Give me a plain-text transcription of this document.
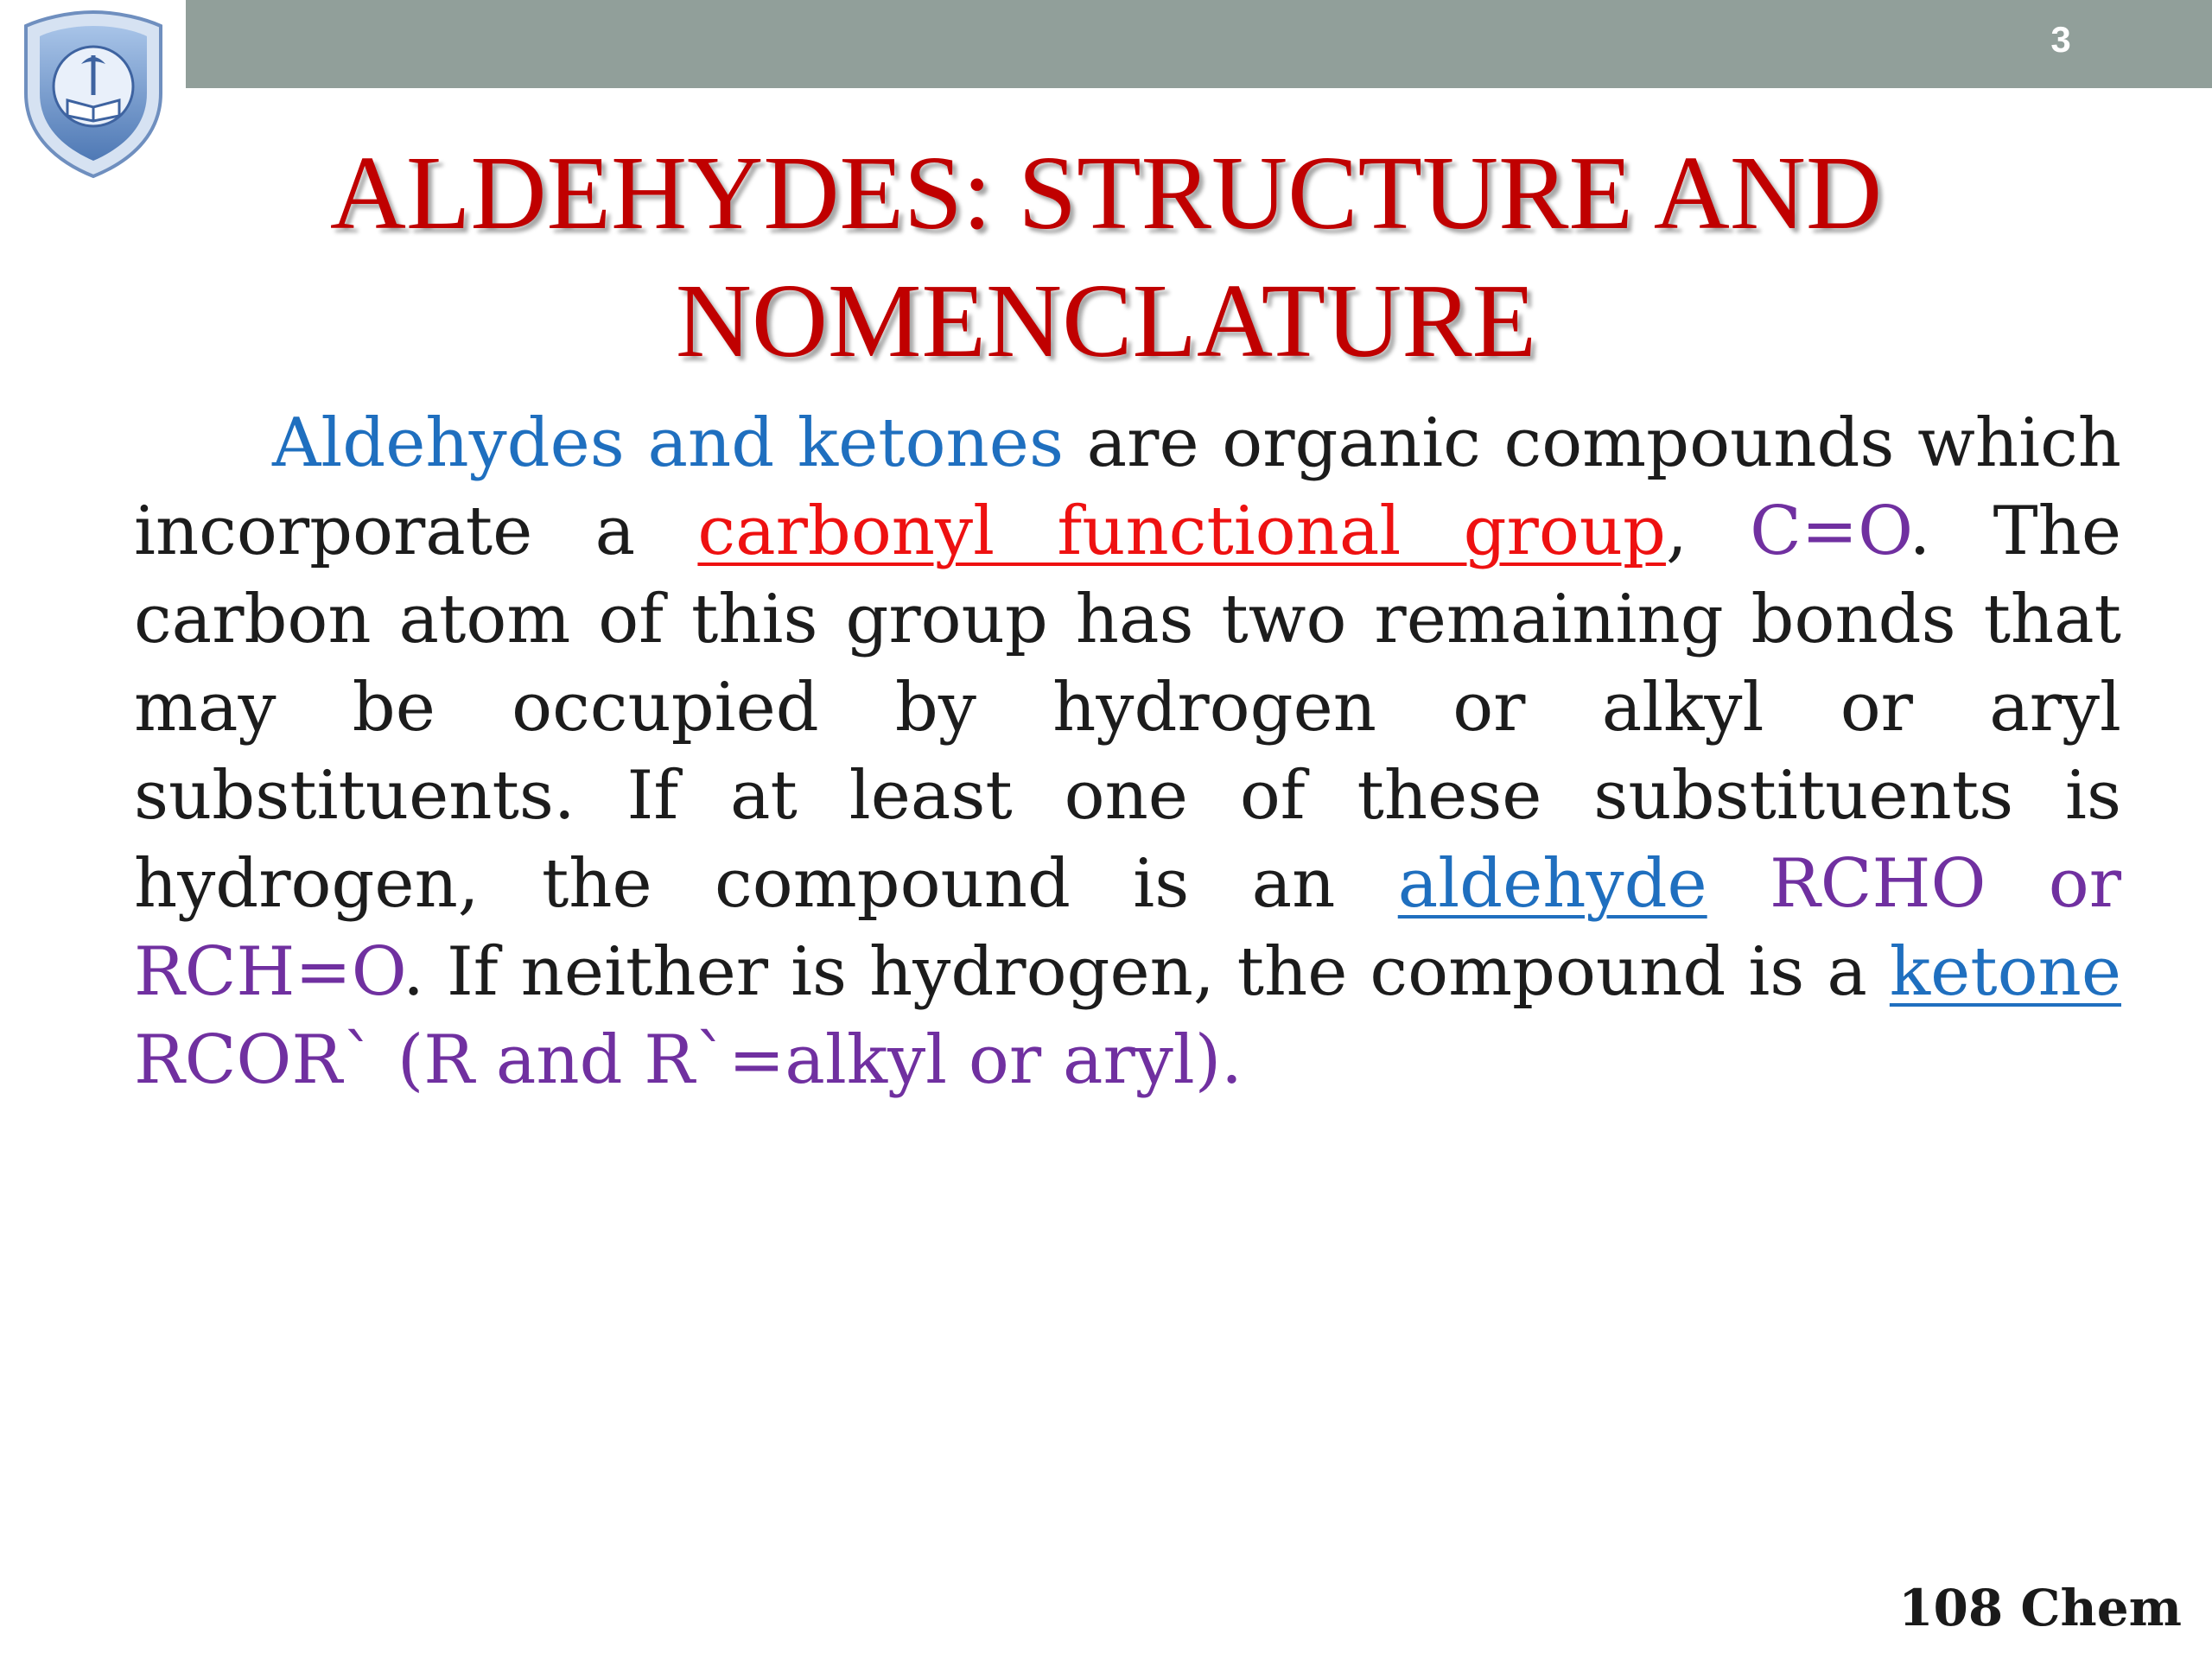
3
ALDEHYDES: STRUCTURE AND
NOMENCLATURE

Aldehydes and ketones are organic compounds which incorporate a carbonyl functional group, C=O. The carbon atom of this group has two remaining bonds that may be occupied by hydrogen or alkyl or aryl substituents. If at least one of these substituents is hydrogen, the compound is an aldehyde RCHO or RCH=O. If neither is hydrogen, the compound is a ketone RCOR` (R and R`=alkyl or aryl).

108 Chem
